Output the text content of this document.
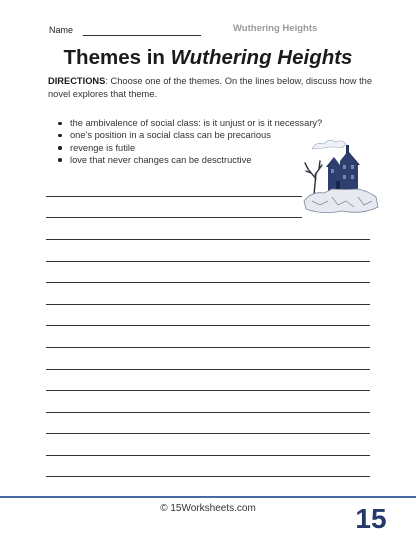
Name	Wuthering Heights
Themes in Wuthering Heights
DIRECTIONS: Choose one of the themes. On the lines below, discuss how the novel explores that theme.
the ambivalence of social class: is it unjust or is it necessary?
one’s position in a social class can be precarious
revenge is futile
love that never changes can be desctructive
© 15Worksheets.com	15
